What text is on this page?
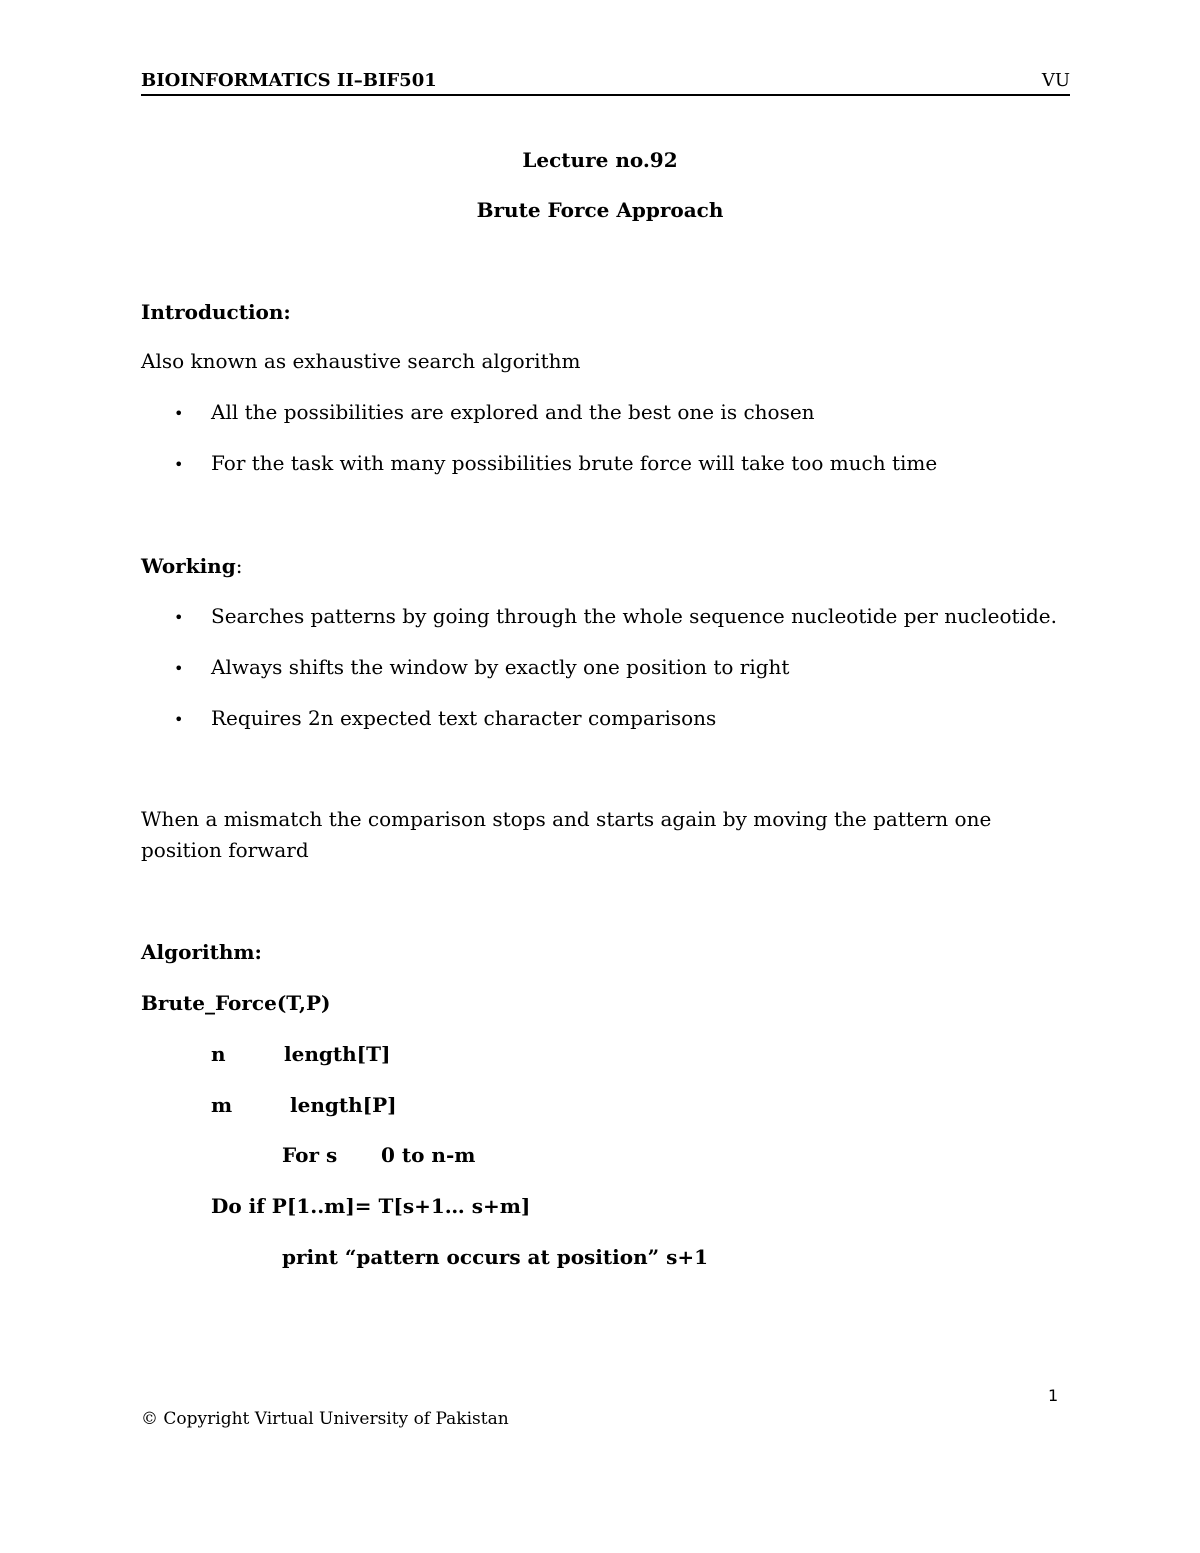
BIOINFORMATICS II–BIF501	VU
Lecture no.92
Brute Force Approach
Introduction:
Also known as exhaustive search algorithm
• All the possibilities are explored and the best one is chosen
• For the task with many possibilities brute force will take too much time
Working:
• Searches patterns by going through the whole sequence nucleotide per nucleotide.
• Always shifts the window by exactly one position to right
• Requires 2n expected text character comparisons
When a mismatch the comparison stops and starts again by moving the pattern one position forward
Algorithm:
Brute_Force(T,P)
n	length[T]
m	length[P]
For s 0 to n-m
Do if P[1..m]= T[s+1… s+m]
print “pattern occurs at position” s+1
1
© Copyright Virtual University of Pakistan
